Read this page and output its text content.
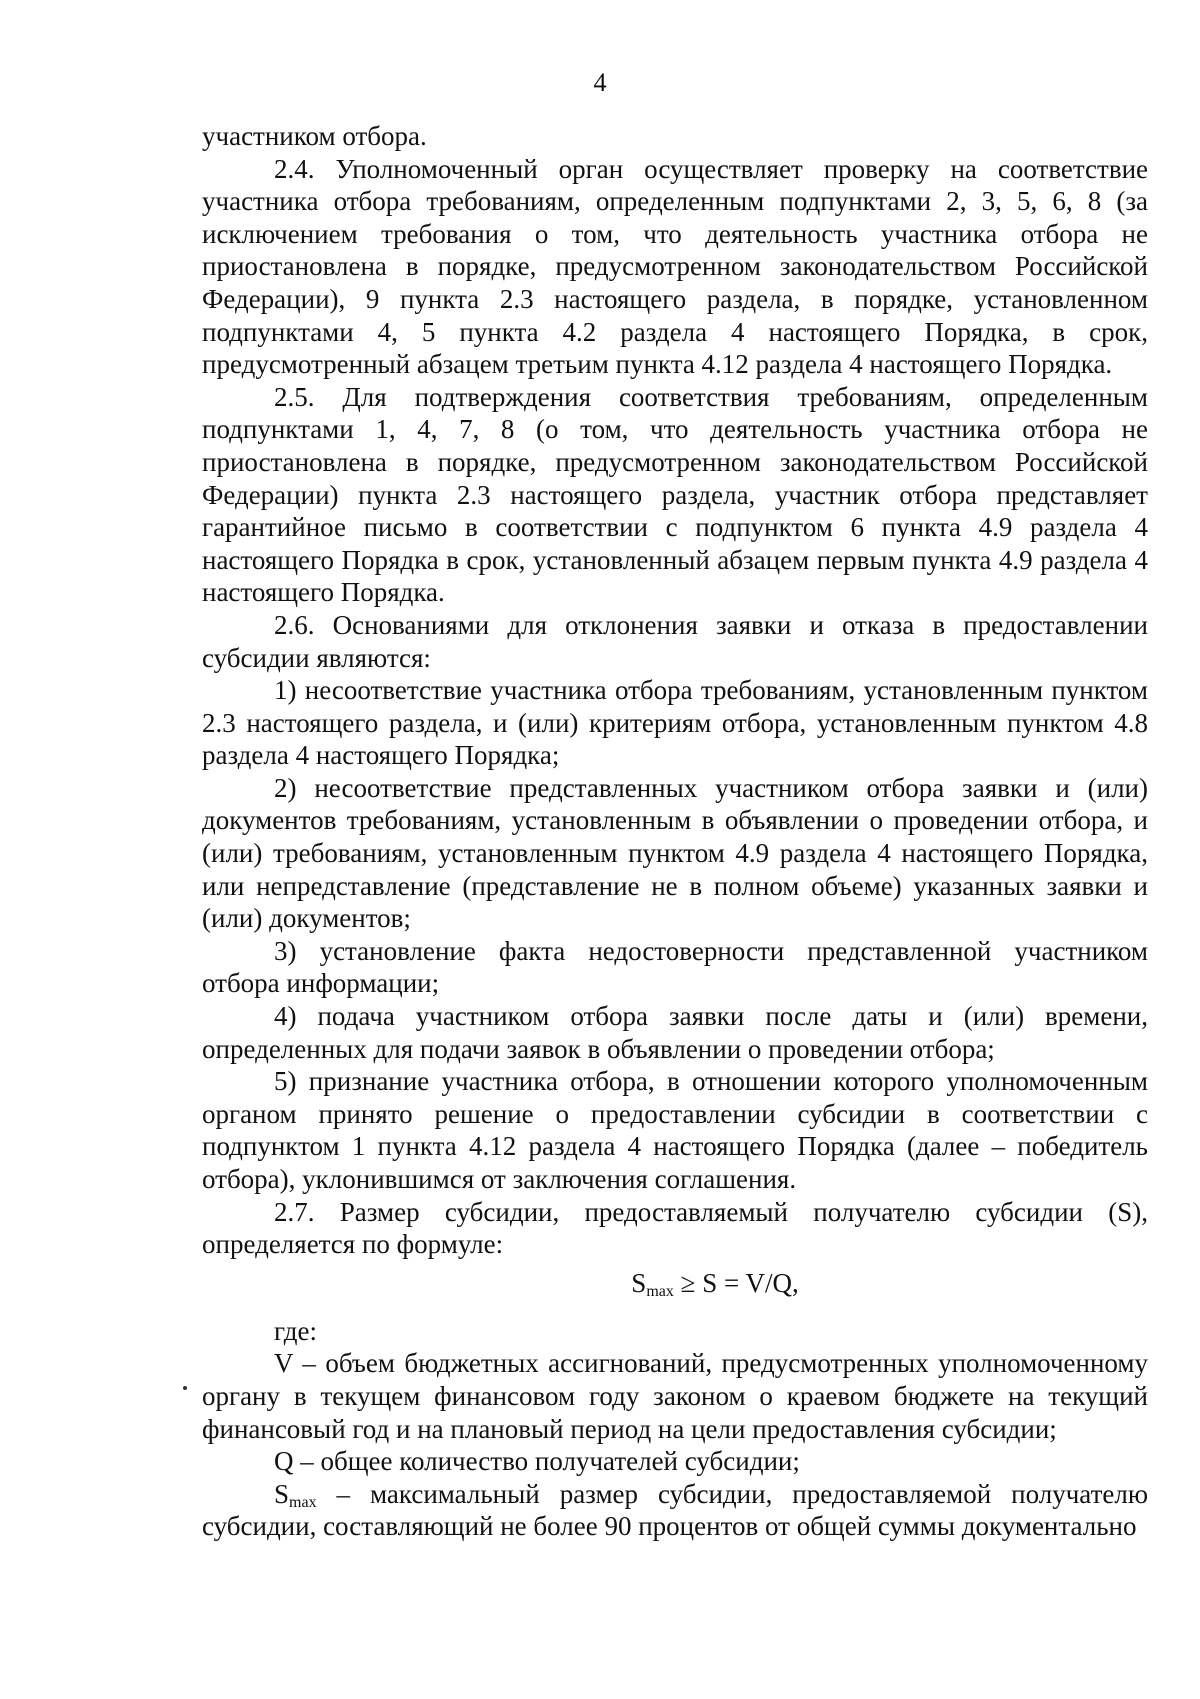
4

участником отбора.

2.4. Уполномоченный орган осуществляет проверку на соответствие участника отбора требованиям, определенным подпунктами 2, 3, 5, 6, 8 (за исключением требования о том, что деятельность участника отбора не приостановлена в порядке, предусмотренном законодательством Российской Федерации), 9 пункта 2.3 настоящего раздела, в порядке, установленном подпунктами 4, 5 пункта 4.2 раздела 4 настоящего Порядка, в срок, предусмотренный абзацем третьим пункта 4.12 раздела 4 настоящего Порядка.

2.5. Для подтверждения соответствия требованиям, определенным подпунктами 1, 4, 7, 8 (о том, что деятельность участника отбора не приостановлена в порядке, предусмотренном законодательством Российской Федерации) пункта 2.3 настоящего раздела, участник отбора представляет гарантийное письмо в соответствии с подпунктом 6 пункта 4.9 раздела 4 настоящего Порядка в срок, установленный абзацем первым пункта 4.9 раздела 4 настоящего Порядка.

2.6. Основаниями для отклонения заявки и отказа в предоставлении субсидии являются:

1) несоответствие участника отбора требованиям, установленным пунктом 2.3 настоящего раздела, и (или) критериям отбора, установленным пунктом 4.8 раздела 4 настоящего Порядка;

2) несоответствие представленных участником отбора заявки и (или) документов требованиям, установленным в объявлении о проведении отбора, и (или) требованиям, установленным пунктом 4.9 раздела 4 настоящего Порядка, или непредставление (представление не в полном объеме) указанных заявки и (или) документов;

3) установление факта недостоверности представленной участником отбора информации;

4) подача участником отбора заявки после даты и (или) времени, определенных для подачи заявок в объявлении о проведении отбора;

5) признание участника отбора, в отношении которого уполномоченным органом принято решение о предоставлении субсидии в соответствии с подпунктом 1 пункта 4.12 раздела 4 настоящего Порядка (далее – победитель отбора), уклонившимся от заключения соглашения.

2.7. Размер субсидии, предоставляемый получателю субсидии (S), определяется по формуле:

$S_{max} \ge S = V/Q$,

где:

V – объем бюджетных ассигнований, предусмотренных уполномоченному органу в текущем финансовом году законом о краевом бюджете на текущий финансовый год и на плановый период на цели предоставления субсидии;

Q – общее количество получателей субсидии;

$S_{max}$ – максимальный размер субсидии, предоставляемой получателю субсидии, составляющий не более 90 процентов от общей суммы документально
